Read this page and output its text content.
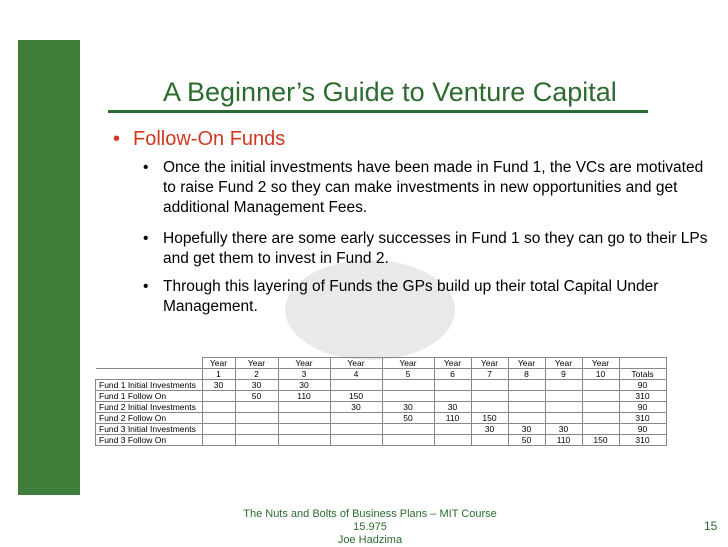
A Beginner’s Guide to Venture Capital
• Follow-On Funds
• Once the initial investments have been made in Fund 1, the VCs are motivated to raise Fund 2 so they can make investments in new opportunities and get additional Management Fees.
• Hopefully there are some early successes in Fund 1 so they can go to their LPs and get them to invest in Fund 2.
• Through this layering of Funds the GPs build up their total Capital Under Management.
	Year	Year	Year	Year	Year	Year	Year	Year	Year	Year	
	1	2	3	4	5	6	7	8	9	10	Totals
Fund 1 Initial Investments	30	30	30								90
Fund 1 Follow On		50	110	150							310
Fund 2 Initial Investments				30	30	30					90
Fund 2 Follow On					50	110	150				310
Fund 3 Initial Investments							30	30	30		90
Fund 3 Follow On								50	110	150	310
The Nuts and Bolts of Business Plans – MIT Course 15.975
Joe Hadzima
15
